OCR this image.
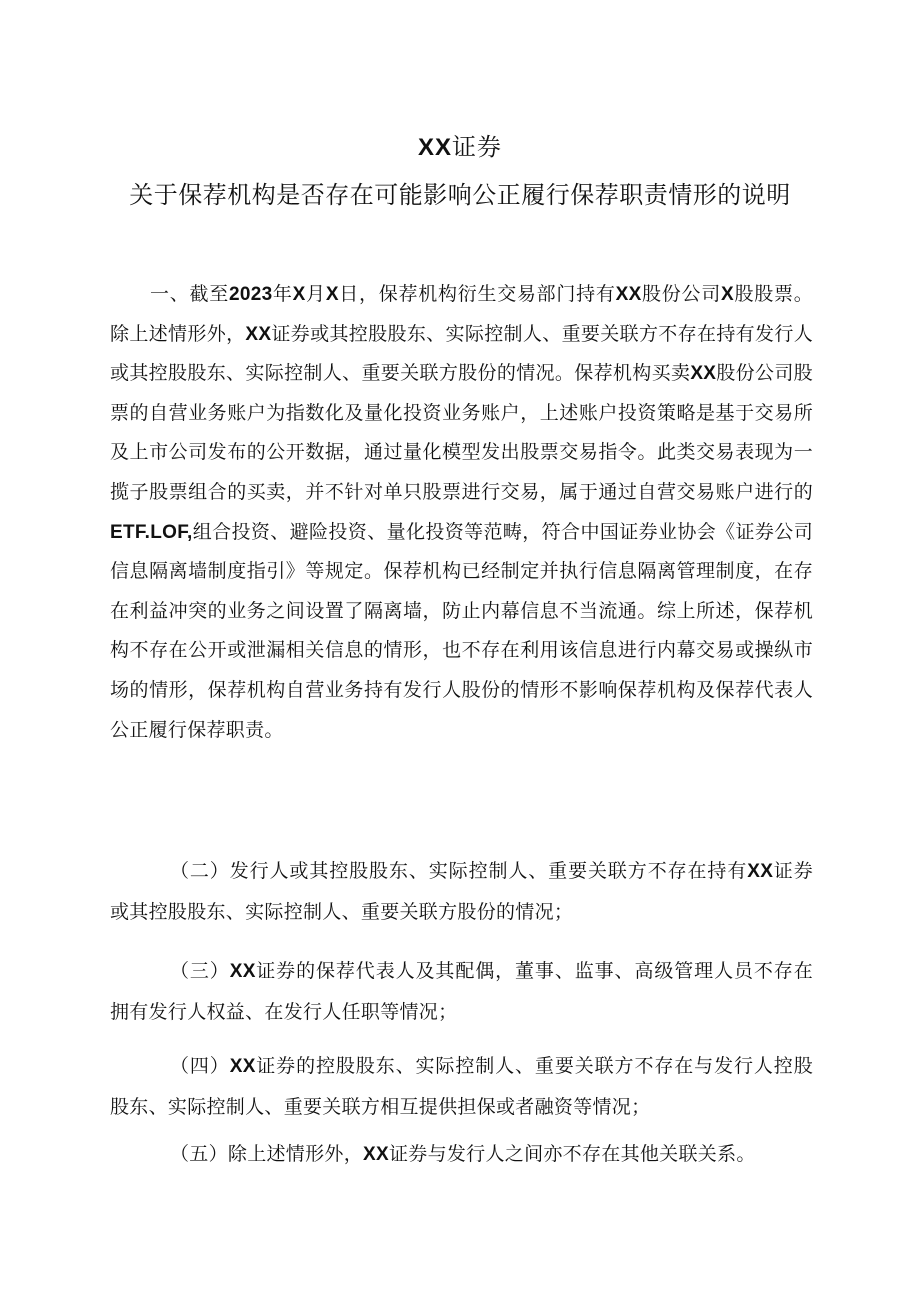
XX证券
关于保荐机构是否存在可能影响公正履行保荐职责情形的说明
一、截至2023年X月X日，保荐机构衍生交易部门持有XX股份公司X股股票。除上述情形外，XX证券或其控股股东、实际控制人、重要关联方不存在持有发行人或其控股股东、实际控制人、重要关联方股份的情况。保荐机构买卖XX股份公司股票的自营业务账户为指数化及量化投资业务账户，上述账户投资策略是基于交易所及上市公司发布的公开数据，通过量化模型发出股票交易指令。此类交易表现为一揽子股票组合的买卖，并不针对单只股票进行交易，属于通过自营交易账户进行的ETF.LOF,组合投资、避险投资、量化投资等范畴，符合中国证券业协会《证券公司信息隔离墙制度指引》等规定。保荐机构已经制定并执行信息隔离管理制度，在存在利益冲突的业务之间设置了隔离墙，防止内幕信息不当流通。综上所述，保荐机构不存在公开或泄漏相关信息的情形，也不存在利用该信息进行内幕交易或操纵市场的情形，保荐机构自营业务持有发行人股份的情形不影响保荐机构及保荐代表人公正履行保荐职责。
（二）发行人或其控股股东、实际控制人、重要关联方不存在持有XX证券或其控股股东、实际控制人、重要关联方股份的情况；
（三）XX证券的保荐代表人及其配偶，董事、监事、高级管理人员不存在拥有发行人权益、在发行人任职等情况；
（四）XX证券的控股股东、实际控制人、重要关联方不存在与发行人控股股东、实际控制人、重要关联方相互提供担保或者融资等情况；
（五）除上述情形外，XX证券与发行人之间亦不存在其他关联关系。
